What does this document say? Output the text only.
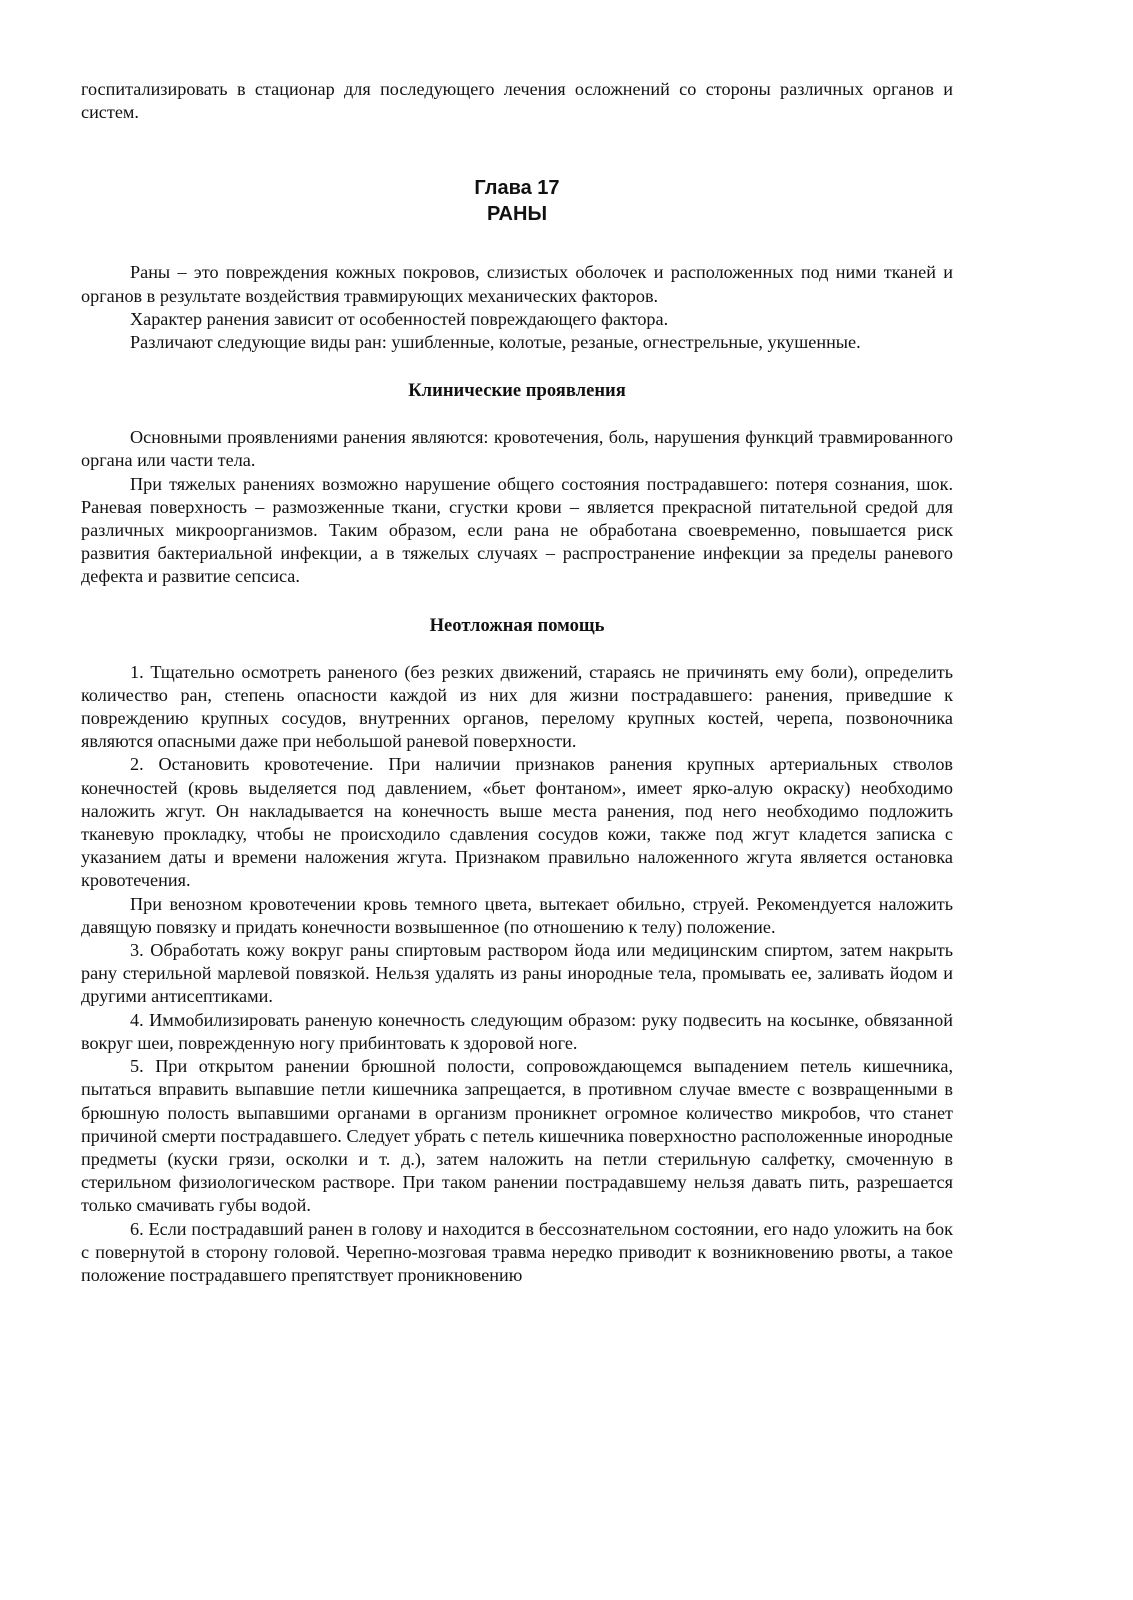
госпитализировать в стационар для последующего лечения осложнений со стороны различных органов и систем.

Глава 17
РАНЫ

Раны – это повреждения кожных покровов, слизистых оболочек и расположенных под ними тканей и органов в результате воздействия травмирующих механических факторов.

Характер ранения зависит от особенностей повреждающего фактора.

Различают следующие виды ран: ушибленные, колотые, резаные, огнестрельные, укушенные.

Клинические проявления

Основными проявлениями ранения являются: кровотечения, боль, нарушения функций травмированного органа или части тела.

При тяжелых ранениях возможно нарушение общего состояния пострадавшего: потеря сознания, шок. Раневая поверхность – размозженные ткани, сгустки крови – является прекрасной питательной средой для различных микроорганизмов. Таким образом, если рана не обработана своевременно, повышается риск развития бактериальной инфекции, а в тяжелых случаях – распространение инфекции за пределы раневого дефекта и развитие сепсиса.

Неотложная помощь

1. Тщательно осмотреть раненого (без резких движений, стараясь не причинять ему боли), определить количество ран, степень опасности каждой из них для жизни пострадавшего: ранения, приведшие к повреждению крупных сосудов, внутренних органов, перелому крупных костей, черепа, позвоночника являются опасными даже при небольшой раневой поверхности.

2. Остановить кровотечение. При наличии признаков ранения крупных артериальных стволов конечностей (кровь выделяется под давлением, «бьет фонтаном», имеет ярко-алую окраску) необходимо наложить жгут. Он накладывается на конечность выше места ранения, под него необходимо подложить тканевую прокладку, чтобы не происходило сдавления сосудов кожи, также под жгут кладется записка с указанием даты и времени наложения жгута. Признаком правильно наложенного жгута является остановка кровотечения.

При венозном кровотечении кровь темного цвета, вытекает обильно, струей. Рекомендуется наложить давящую повязку и придать конечности возвышенное (по отношению к телу) положение.

3. Обработать кожу вокруг раны спиртовым раствором йода или медицинским спиртом, затем накрыть рану стерильной марлевой повязкой. Нельзя удалять из раны инородные тела, промывать ее, заливать йодом и другими антисептиками.

4. Иммобилизировать раненую конечность следующим образом: руку подвесить на косынке, обвязанной вокруг шеи, поврежденную ногу прибинтовать к здоровой ноге.

5. При открытом ранении брюшной полости, сопровождающемся выпадением петель кишечника, пытаться вправить выпавшие петли кишечника запрещается, в противном случае вместе с возвращенными в брюшную полость выпавшими органами в организм проникнет огромное количество микробов, что станет причиной смерти пострадавшего. Следует убрать с петель кишечника поверхностно расположенные инородные предметы (куски грязи, осколки и т. д.), затем наложить на петли стерильную салфетку, смоченную в стерильном физиологическом растворе. При таком ранении пострадавшему нельзя давать пить, разрешается только смачивать губы водой.

6. Если пострадавший ранен в голову и находится в бессознательном состоянии, его надо уложить на бок с повернутой в сторону головой. Черепно-мозговая травма нередко приводит к возникновению рвоты, а такое положение пострадавшего препятствует проникновению
